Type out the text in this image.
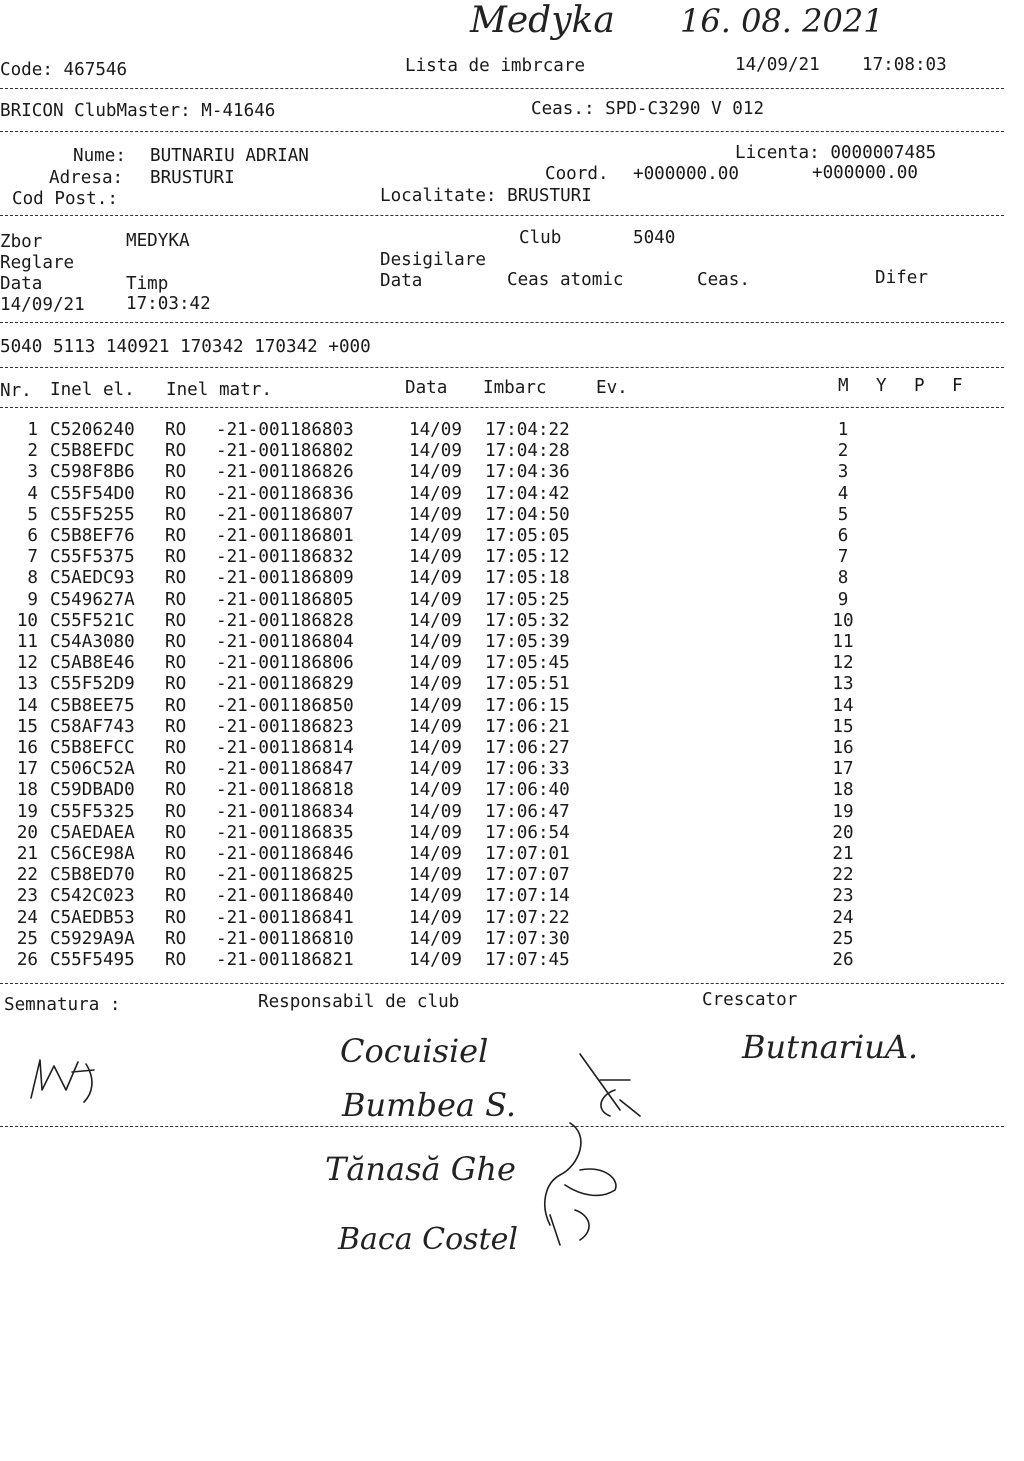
Medyka 16. 08. 2021
Code: 467546	Lista de imbrcare	14/09/21 17:08:03
BRICON ClubMaster: M-41646	Ceas.: SPD-C3290 V 012
Nume: BUTNARIU ADRIAN	Licenta: 0000007485
Adresa: BRUSTURI	Coord. +000000.00	+000000.00
Cod Post.:	Localitate: BRUSTURI
Zbor	MEDYKA	Club	5040
Reglare	Desigilare
Data	Timp	Data	Ceas atomic	Ceas.	Difer
14/09/21 17:03:42
5040 5113 140921 170342 170342 +000
Nr. Inel el. Inel matr.	Data Imbarc	Ev.	M Y P F
1 C5206240 RO -21-001186803	14/09 17:04:22	1
2 C5B8EFDC RO -21-001186802	14/09 17:04:28	2
3 C598F8B6 RO -21-001186826	14/09 17:04:36	3
4 C55F54D0 RO -21-001186836	14/09 17:04:42	4
5 C55F5255 RO -21-001186807	14/09 17:04:50	5
6 C5B8EF76 RO -21-001186801	14/09 17:05:05	6
7 C55F5375 RO -21-001186832	14/09 17:05:12	7
8 C5AEDC93 RO -21-001186809	14/09 17:05:18	8
9 C549627A RO -21-001186805	14/09 17:05:25	9
10 C55F521C RO -21-001186828	14/09 17:05:32	10
11 C54A3080 RO -21-001186804	14/09 17:05:39	11
12 C5AB8E46 RO -21-001186806	14/09 17:05:45	12
13 C55F52D9 RO -21-001186829	14/09 17:05:51	13
14 C5B8EE75 RO -21-001186850	14/09 17:06:15	14
15 C58AF743 RO -21-001186823	14/09 17:06:21	15
16 C5B8EFCC RO -21-001186814	14/09 17:06:27	16
17 C506C52A RO -21-001186847	14/09 17:06:33	17
18 C59DBAD0 RO -21-001186818	14/09 17:06:40	18
19 C55F5325 RO -21-001186834	14/09 17:06:47	19
20 C5AEDAEA RO -21-001186835	14/09 17:06:54	20
21 C56CE98A RO -21-001186846	14/09 17:07:01	21
22 C5B8ED70 RO -21-001186825	14/09 17:07:07	22
23 C542C023 RO -21-001186840	14/09 17:07:14	23
24 C5AEDB53 RO -21-001186841	14/09 17:07:22	24
25 C5929A9A RO -21-001186810	14/09 17:07:30	25
26 C55F5495 RO -21-001186821	14/09 17:07:45	26
Semnatura :	Responsabil de club	Crescator
Cocuisiel
Bumbea S.
Tănasă Ghe
Baca Costel
ButnariuA.
